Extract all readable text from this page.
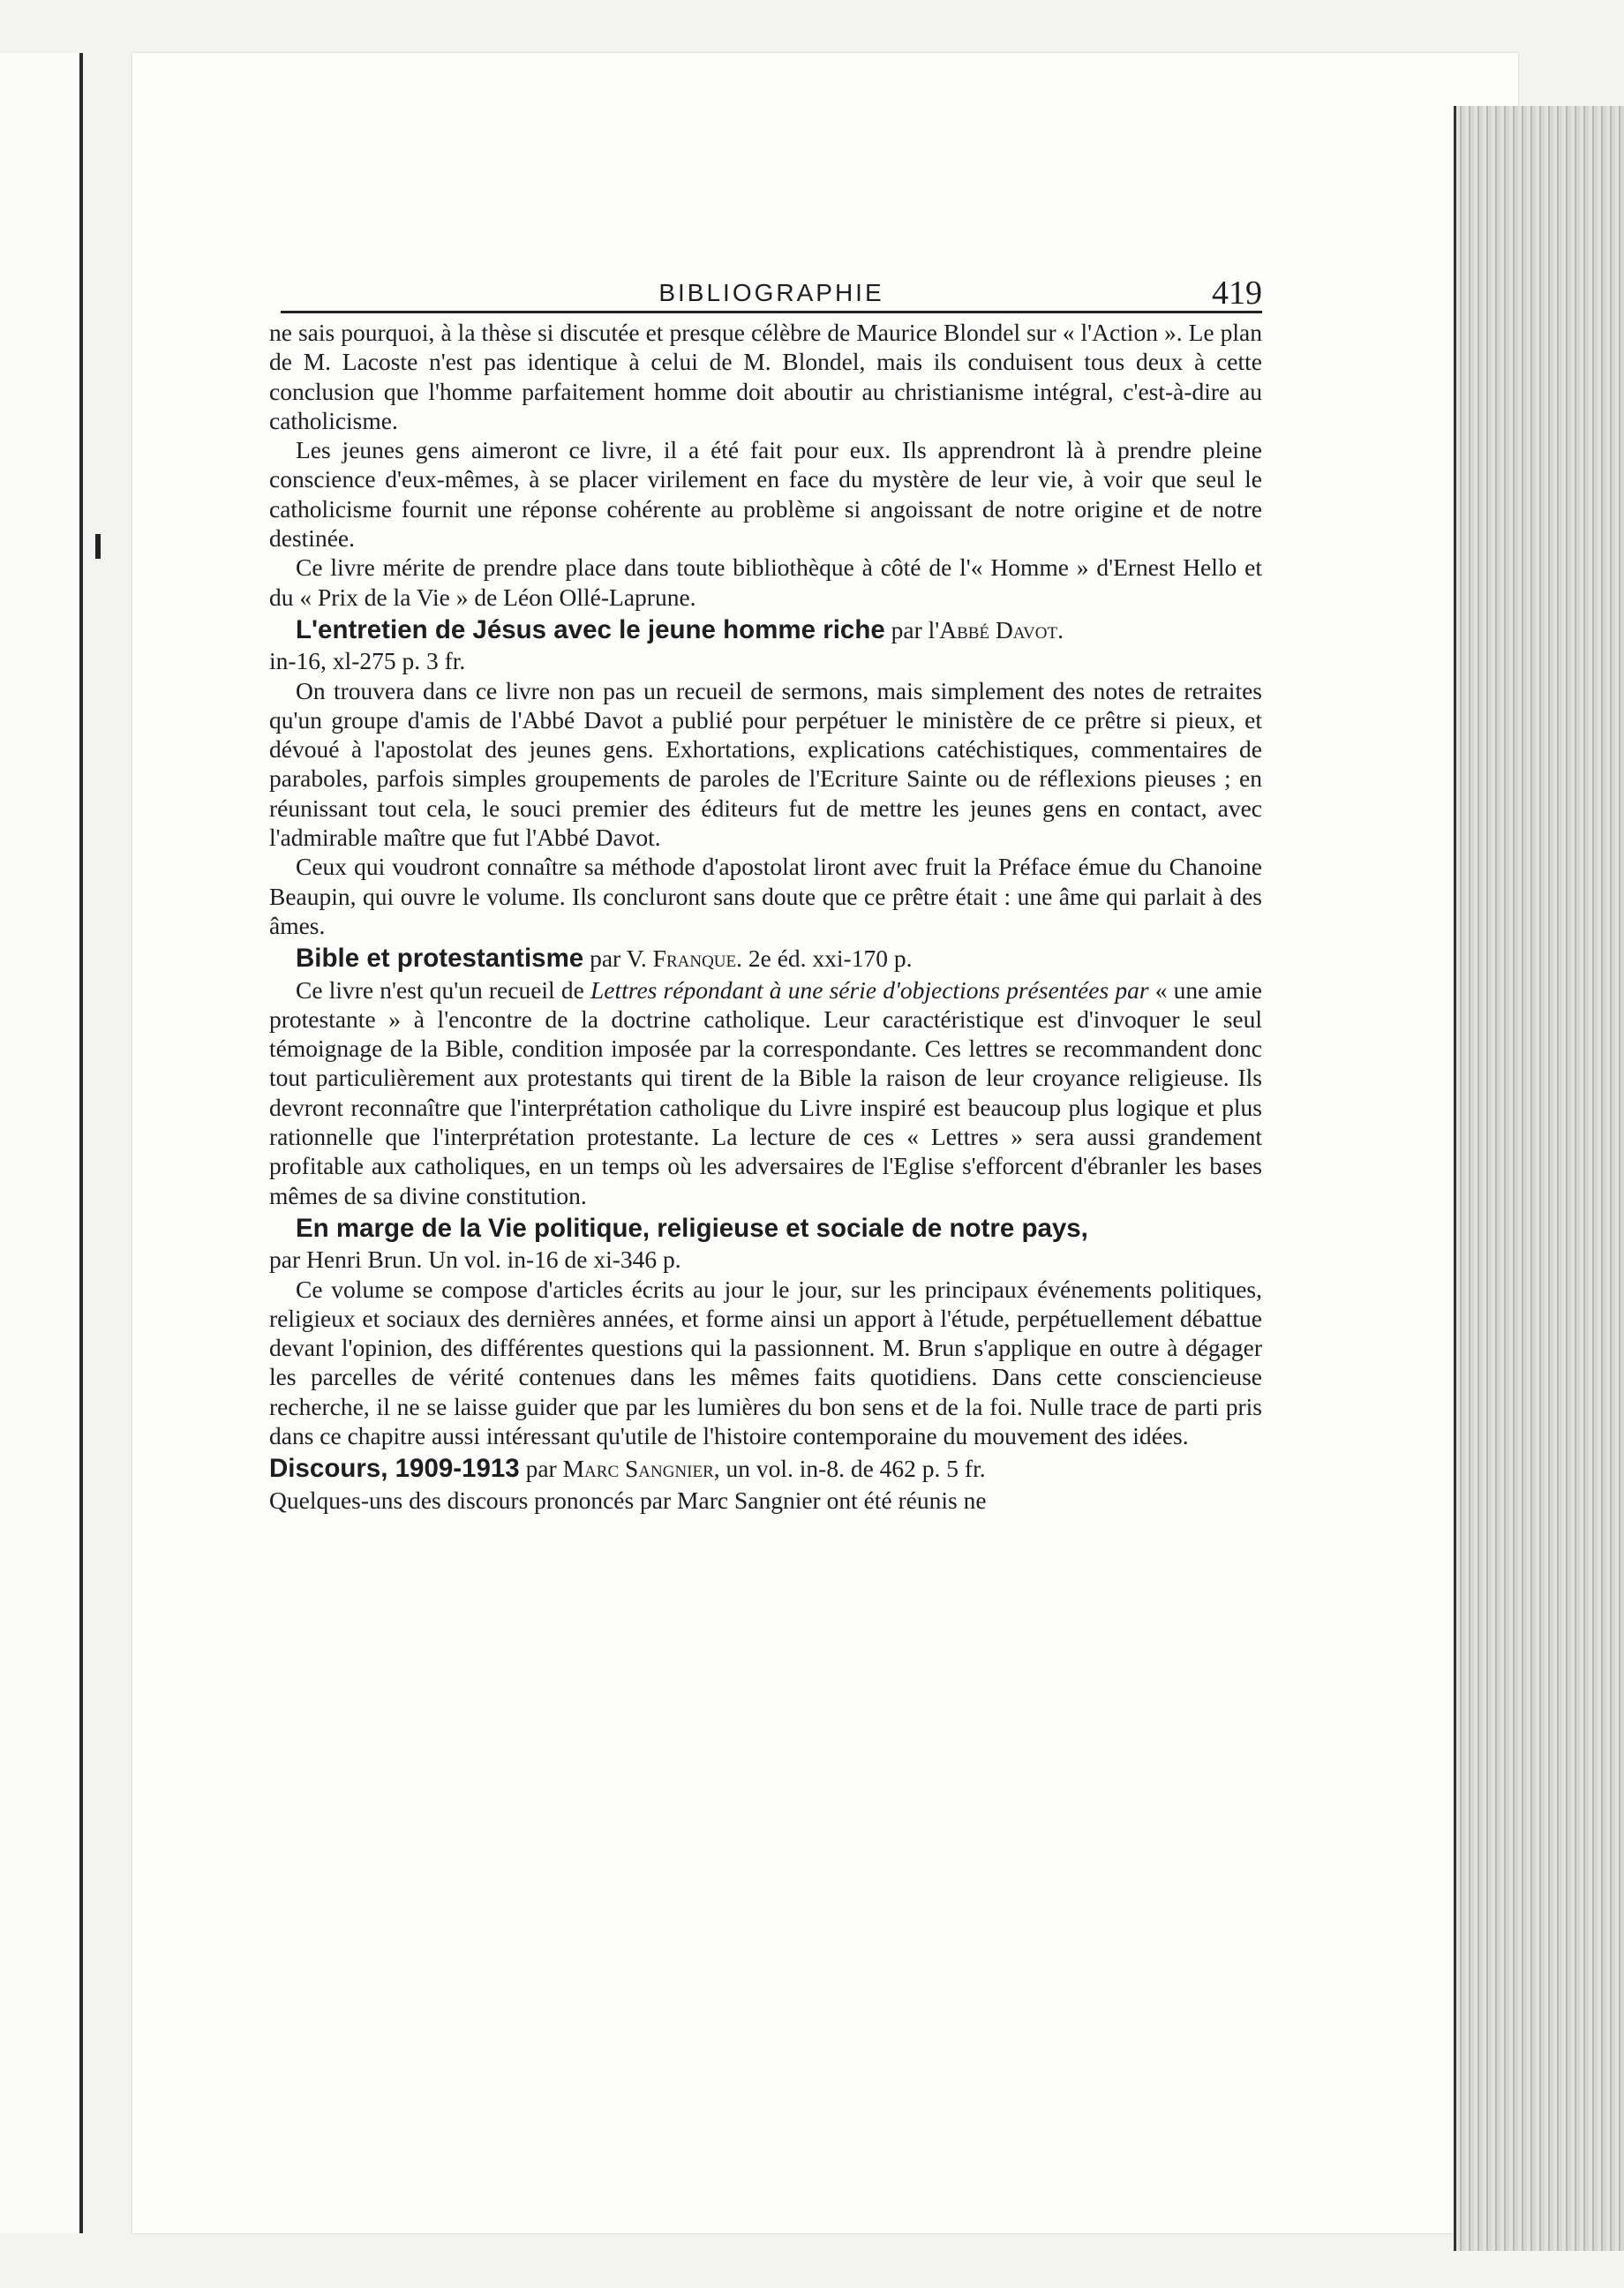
BIBLIOGRAPHIE	419

ne sais pourquoi, à la thèse si discutée et presque célèbre de Maurice Blondel sur « l'Action ». Le plan de M. Lacoste n'est pas identique à celui de M. Blondel, mais ils conduisent tous deux à cette conclusion que l'homme parfaitement homme doit aboutir au christianisme intégral, c'est-à-dire au catholicisme.

Les jeunes gens aimeront ce livre, il a été fait pour eux. Ils apprendront là à prendre pleine conscience d'eux-mêmes, à se placer virilement en face du mystère de leur vie, à voir que seul le catholicisme fournit une réponse cohérente au problème si angoissant de notre origine et de notre destinée.

Ce livre mérite de prendre place dans toute bibliothèque à côté de l'« Homme » d'Ernest Hello et du « Prix de la Vie » de Léon Ollé-Laprune.

L'entretien de Jésus avec le jeune homme riche par l'Abbé Davot.
in-16, xl-275 p. 3 fr.

On trouvera dans ce livre non pas un recueil de sermons, mais simplement des notes de retraites qu'un groupe d'amis de l'Abbé Davot a publié pour perpétuer le ministère de ce prêtre si pieux, et dévoué à l'apostolat des jeunes gens. Exhortations, explications catéchistiques, commentaires de paraboles, parfois simples groupements de paroles de l'Ecriture Sainte ou de réflexions pieuses ; en réunissant tout cela, le souci premier des éditeurs fut de mettre les jeunes gens en contact, avec l'admirable maître que fut l'Abbé Davot.

Ceux qui voudront connaître sa méthode d'apostolat liront avec fruit la Préface émue du Chanoine Beaupin, qui ouvre le volume. Ils concluront sans doute que ce prêtre était : une âme qui parlait à des âmes.

Bible et protestantisme par V. Franque. 2e éd. xxi-170 p.

Ce livre n'est qu'un recueil de Lettres répondant à une série d'objections présentées par « une amie protestante » à l'encontre de la doctrine catholique. Leur caractéristique est d'invoquer le seul témoignage de la Bible, condition imposée par la correspondante. Ces lettres se recommandent donc tout particulièrement aux protestants qui tirent de la Bible la raison de leur croyance religieuse. Ils devront reconnaître que l'interprétation catholique du Livre inspiré est beaucoup plus logique et plus rationnelle que l'interprétation protestante. La lecture de ces « Lettres » sera aussi grandement profitable aux catholiques, en un temps où les adversaires de l'Eglise s'efforcent d'ébranler les bases mêmes de sa divine constitution.

En marge de la Vie politique, religieuse et sociale de notre pays,
par Henri Brun. Un vol. in-16 de xi-346 p.

Ce volume se compose d'articles écrits au jour le jour, sur les principaux événements politiques, religieux et sociaux des dernières années, et forme ainsi un apport à l'étude, perpétuellement débattue devant l'opinion, des différentes questions qui la passionnent. M. Brun s'applique en outre à dégager les parcelles de vérité contenues dans les mêmes faits quotidiens. Dans cette consciencieuse recherche, il ne se laisse guider que par les lumières du bon sens et de la foi. Nulle trace de parti pris dans ce chapitre aussi intéressant qu'utile de l'histoire contemporaine du mouvement des idées.

Discours, 1909-1913 par Marc Sangnier, un vol. in-8. de 462 p. 5 fr.

Quelques-uns des discours prononcés par Marc Sangnier ont été réunis ne
